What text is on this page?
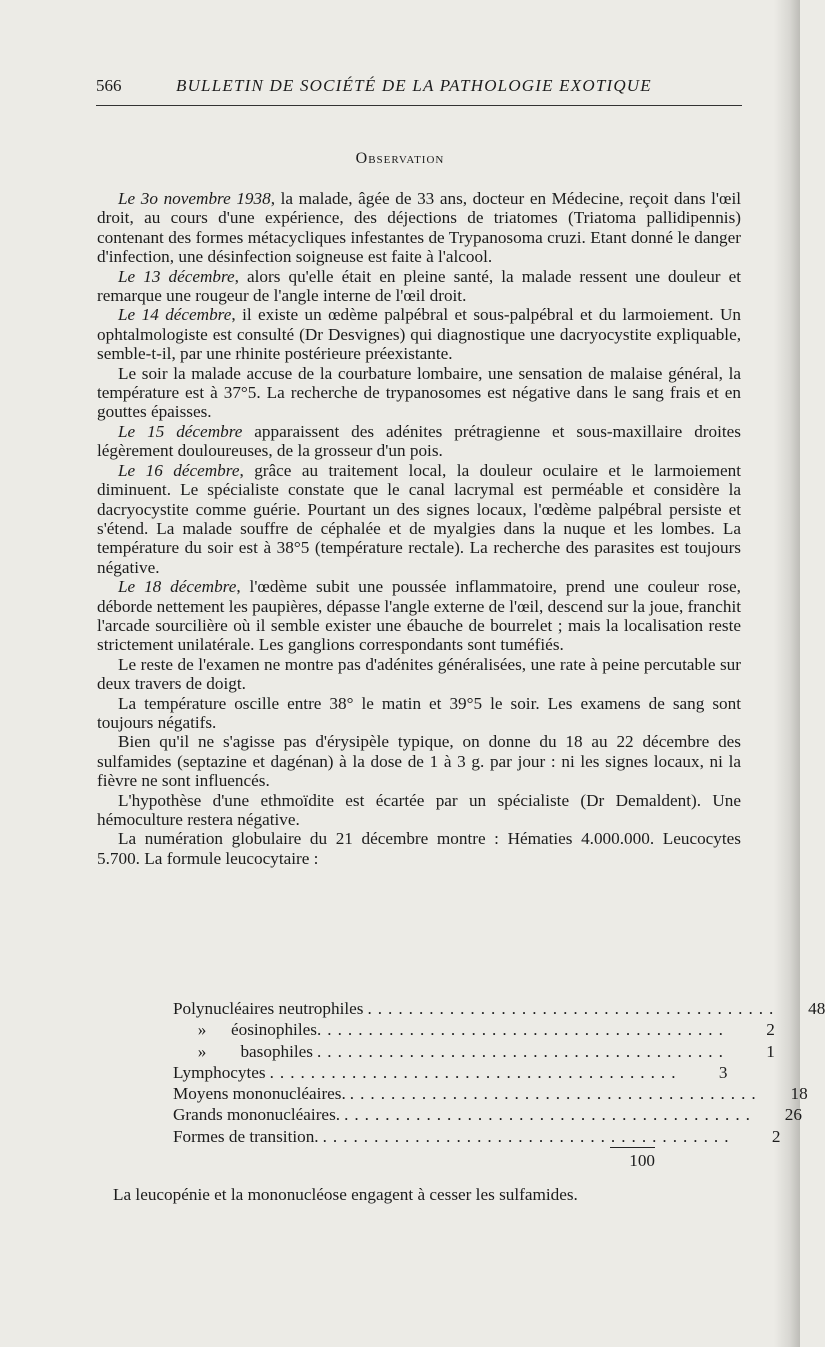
566	BULLETIN DE SOCIÉTÉ DE LA PATHOLOGIE EXOTIQUE
Observation

Le 3o novembre 1938, la malade, âgée de 33 ans, docteur en Médecine, reçoit dans l'œil droit, au cours d'une expérience, des déjections de triatomes (Triatoma pallidipennis) contenant des formes métacycliques infestantes de Trypanosoma cruzi. Etant donné le danger d'infection, une désinfection soigneuse est faite à l'alcool.

Le 13 décembre, alors qu'elle était en pleine santé, la malade ressent une douleur et remarque une rougeur de l'angle interne de l'œil droit.

Le 14 décembre, il existe un œdème palpébral et sous-palpébral et du larmoiement. Un ophtalmologiste est consulté (Dr Desvignes) qui diagnostique une dacryocystite expliquable, semble-t-il, par une rhinite postérieure préexistante.

Le soir la malade accuse de la courbature lombaire, une sensation de malaise général, la température est à 37°5. La recherche de trypanosomes est négative dans le sang frais et en gouttes épaisses.

Le 15 décembre apparaissent des adénites prétragienne et sous-maxillaire droites légèrement douloureuses, de la grosseur d'un pois.

Le 16 décembre, grâce au traitement local, la douleur oculaire et le larmoiement diminuent. Le spécialiste constate que le canal lacrymal est perméable et considère la dacryocystite comme guérie. Pourtant un des signes locaux, l'œdème palpébral persiste et s'étend. La malade souffre de céphalée et de myalgies dans la nuque et les lombes. La température du soir est à 38°5 (température rectale). La recherche des parasites est toujours négative.

Le 18 décembre, l'œdème subit une poussée inflammatoire, prend une couleur rose, déborde nettement les paupières, dépasse l'angle externe de l'œil, descend sur la joue, franchit l'arcade sourcilière où il semble exister une ébauche de bourrelet ; mais la localisation reste strictement unilatérale. Les ganglions correspondants sont tuméfiés.

Le reste de l'examen ne montre pas d'adénites généralisées, une rate à peine percutable sur deux travers de doigt.

La température oscille entre 38° le matin et 39°5 le soir. Les examens de sang sont toujours négatifs.

Bien qu'il ne s'agisse pas d'érysipèle typique, on donne du 18 au 22 décembre des sulfamides (septazine et dagénan) à la dose de 1 à 3 g. par jour : ni les signes locaux, ni la fièvre ne sont influencés.

L'hypothèse d'une ethmoïdite est écartée par un spécialiste (Dr Demaldent). Une hémoculture restera négative.

La numération globulaire du 21 décembre montre : Hématies 4.000.000. Leucocytes 5.700. La formule leucocytaire :

Polynucléaires neutrophiles ........................................	48
» éosinophiles ........................................	2
» basophiles ........................................	1
Lymphocytes ........................................	3
Moyens mononucléaires. ........................................	18
Grands mononucléaires. ........................................	26
Formes de transition. ........................................	2
100
La leucopénie et la mononucléose engagent à cesser les sulfamides.
